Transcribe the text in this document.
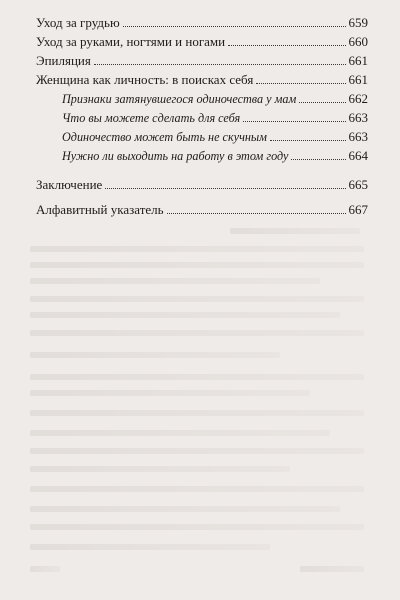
Уход за грудью	659
Уход за руками, ногтями и ногами	660
Эпиляция	661
Женщина как личность: в поисках себя	661
Признаки затянувшегося одиночества у мам	662
Что вы можете сделать для себя	663
Одиночество может быть не скучным	663
Нужно ли выходить на работу в этом году	664
Заключение	665
Алфавитный указатель	667
